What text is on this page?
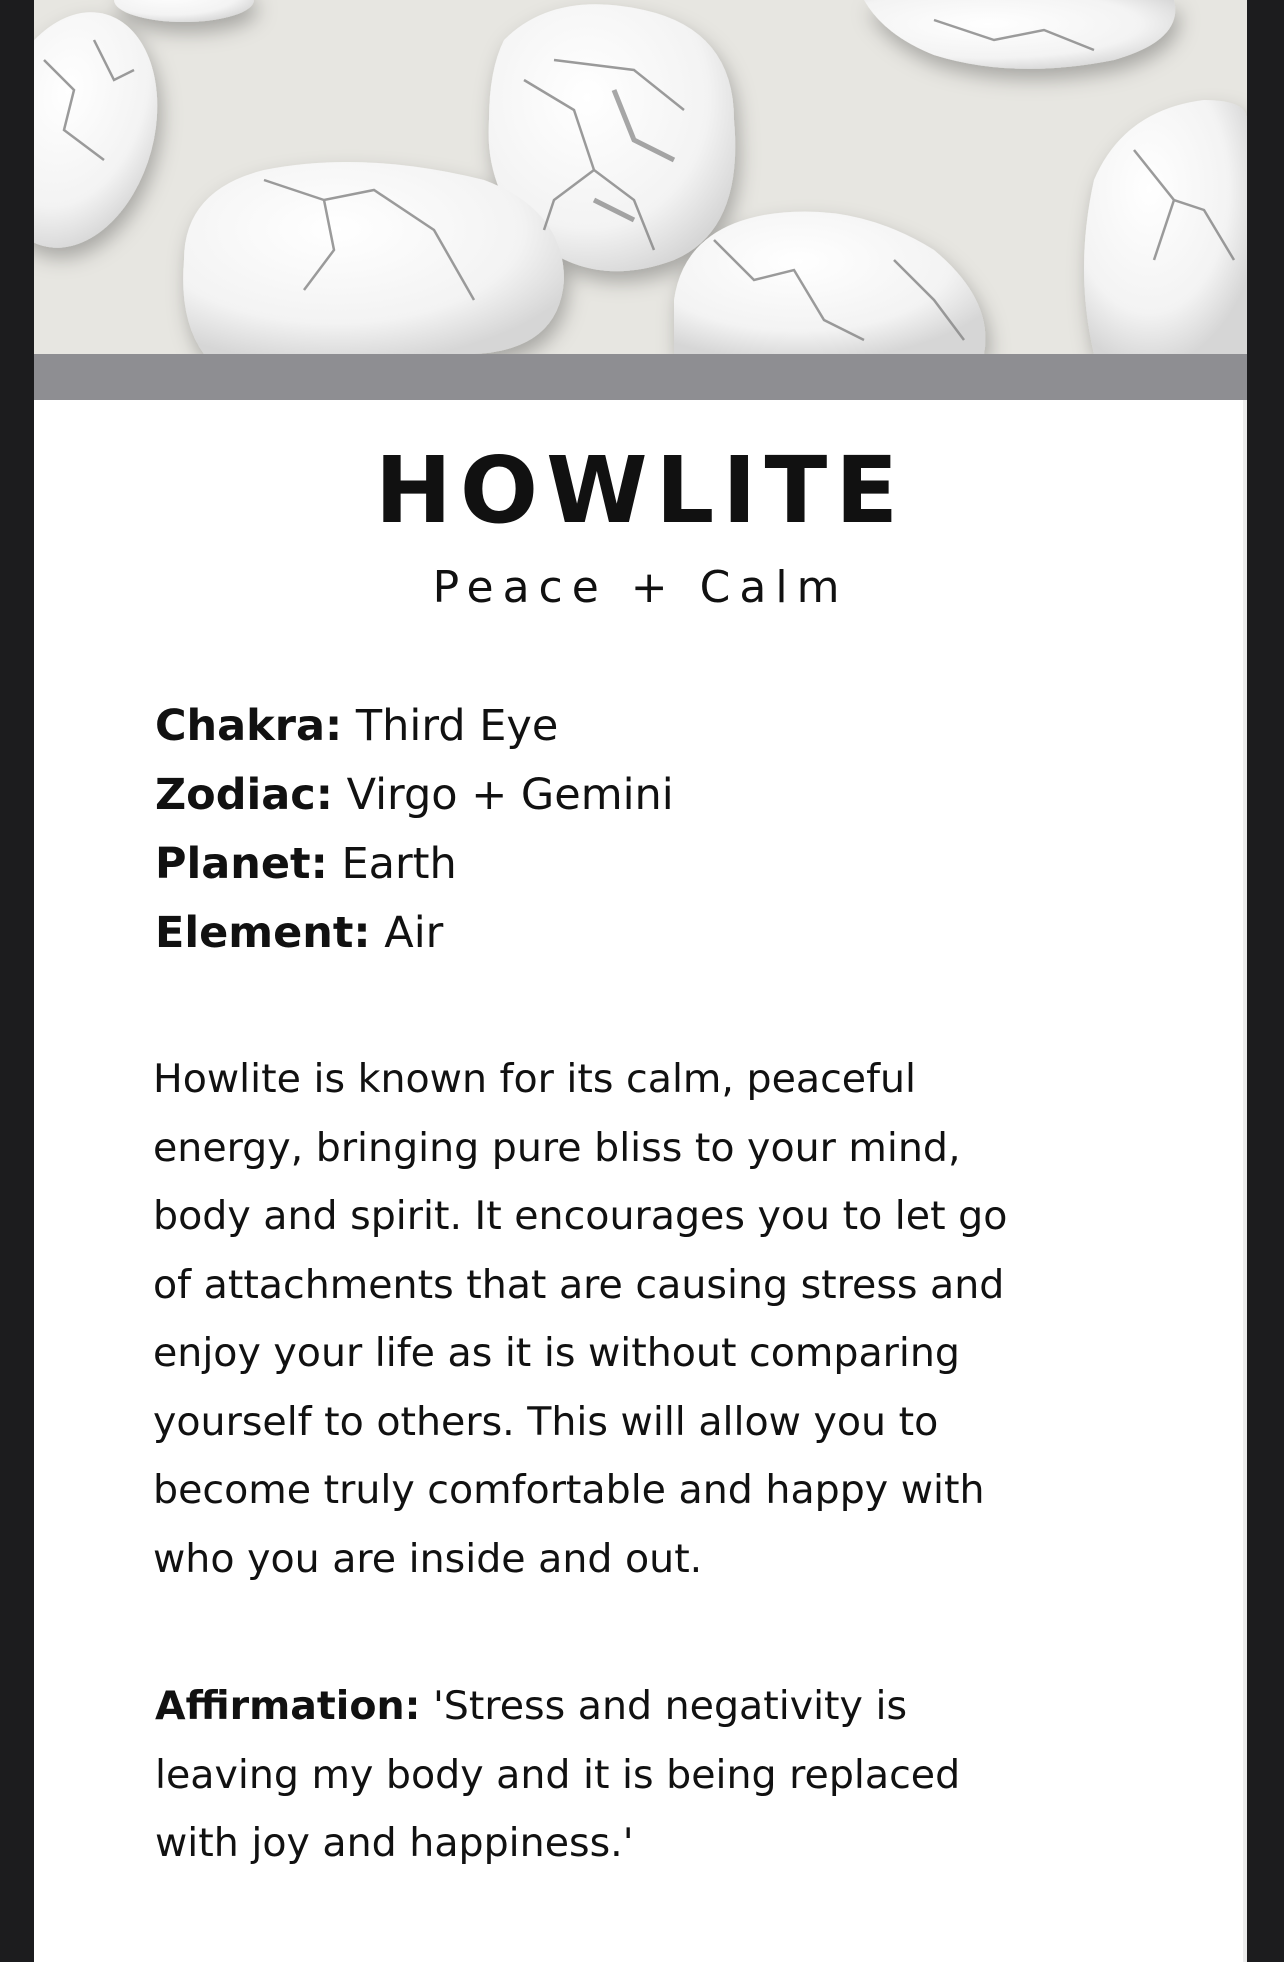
HOWLITE
Peace + Calm
Chakra: Third Eye
Zodiac: Virgo + Gemini
Planet: Earth
Element: Air
Howlite is known for its calm, peaceful
energy, bringing pure bliss to your mind,
body and spirit. It encourages you to let go
of attachments that are causing stress and
enjoy your life as it is without comparing
yourself to others. This will allow you to
become truly comfortable and happy with
who you are inside and out.
Affirmation: 'Stress and negativity is
leaving my body and it is being replaced
with joy and happiness.'
